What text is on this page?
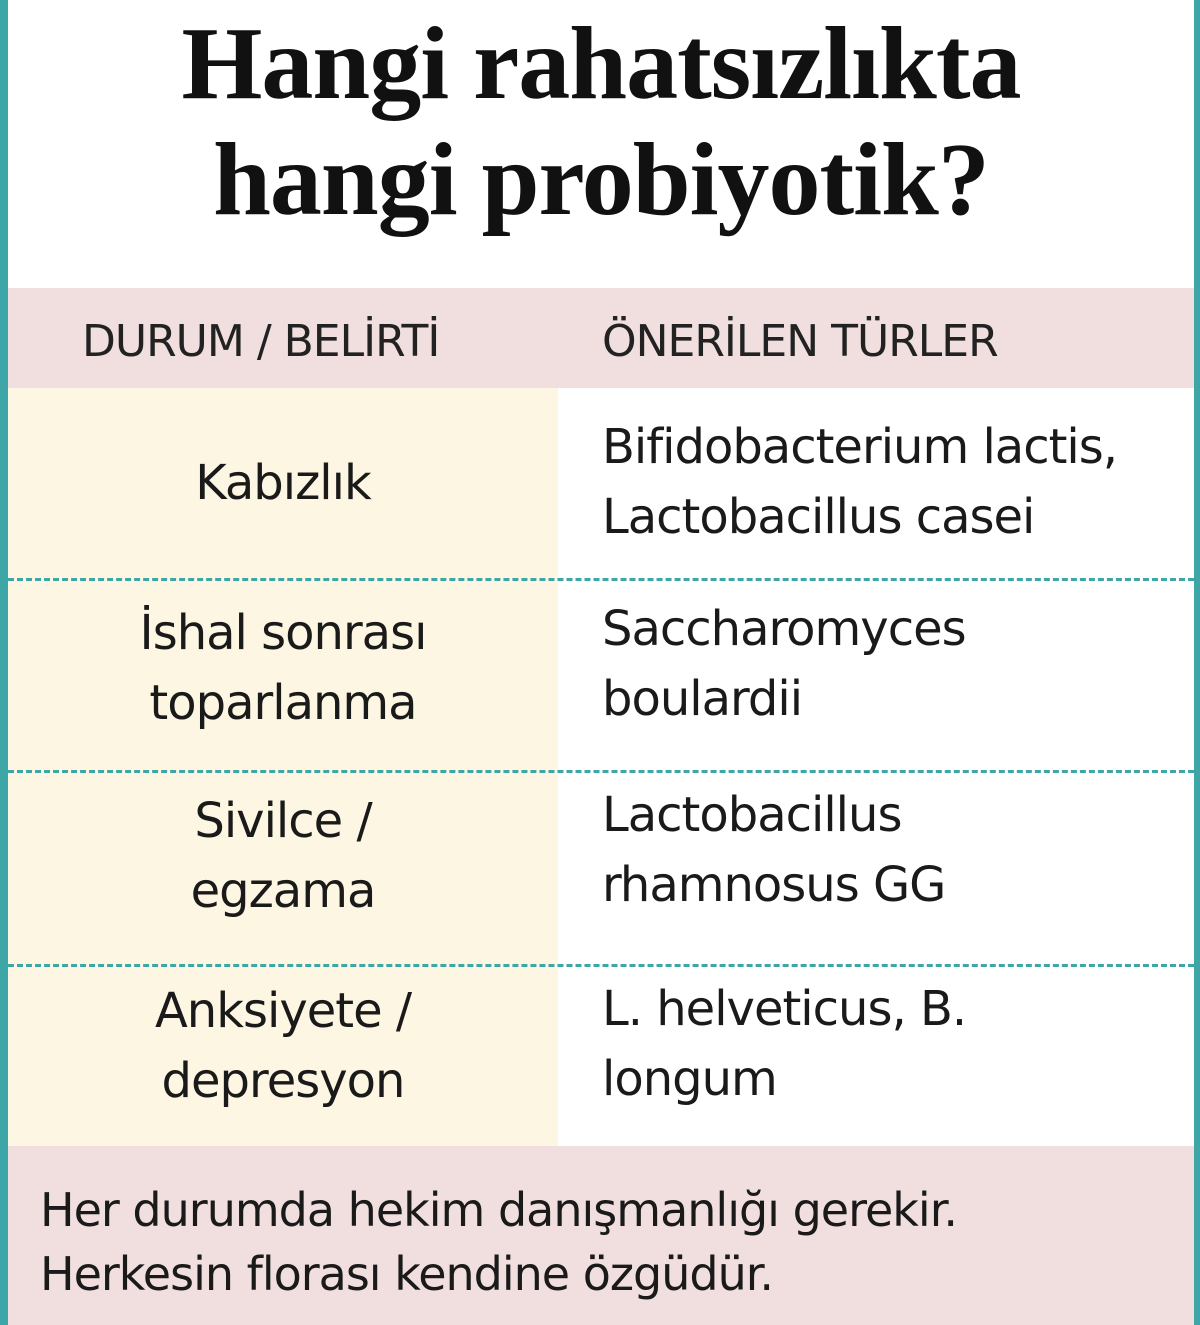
Hangi rahatsızlıkta
hangi probiyotik?
DURUM / BELİRTİ	ÖNERİLEN TÜRLER
Kabızlık
Bifidobacterium lactis,
Lactobacillus casei
İshal sonrası
toparlanma
Saccharomyces
boulardii
Sivilce /
egzama
Lactobacillus
rhamnosus GG
Anksiyete /
depresyon
L. helveticus, B.
longum
Her durumda hekim danışmanlığı gerekir.
Herkesin florası kendine özgüdür.
